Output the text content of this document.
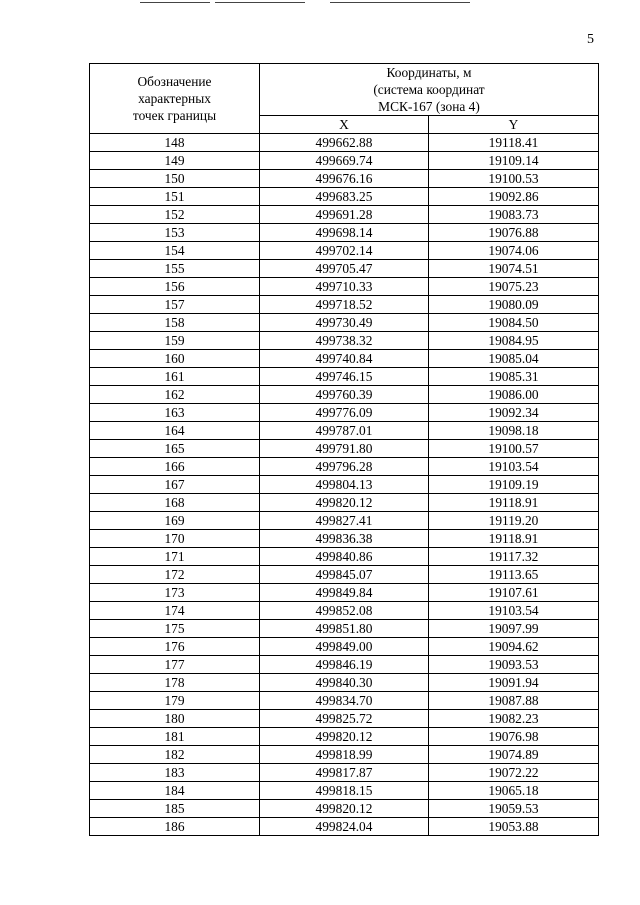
5
Обозначение
характерных
точек границы	Координаты, м
(система координат
МСК-167 (зона 4)	

	X	Y
148	499662.88	19118.41
149	499669.74	19109.14
150	499676.16	19100.53
151	499683.25	19092.86
152	499691.28	19083.73
153	499698.14	19076.88
154	499702.14	19074.06
155	499705.47	19074.51
156	499710.33	19075.23
157	499718.52	19080.09
158	499730.49	19084.50
159	499738.32	19084.95
160	499740.84	19085.04
161	499746.15	19085.31
162	499760.39	19086.00
163	499776.09	19092.34
164	499787.01	19098.18
165	499791.80	19100.57
166	499796.28	19103.54
167	499804.13	19109.19
168	499820.12	19118.91
169	499827.41	19119.20
170	499836.38	19118.91
171	499840.86	19117.32
172	499845.07	19113.65
173	499849.84	19107.61
174	499852.08	19103.54
175	499851.80	19097.99
176	499849.00	19094.62
177	499846.19	19093.53
178	499840.30	19091.94
179	499834.70	19087.88
180	499825.72	19082.23
181	499820.12	19076.98
182	499818.99	19074.89
183	499817.87	19072.22
184	499818.15	19065.18
185	499820.12	19059.53
186	499824.04	19053.88
